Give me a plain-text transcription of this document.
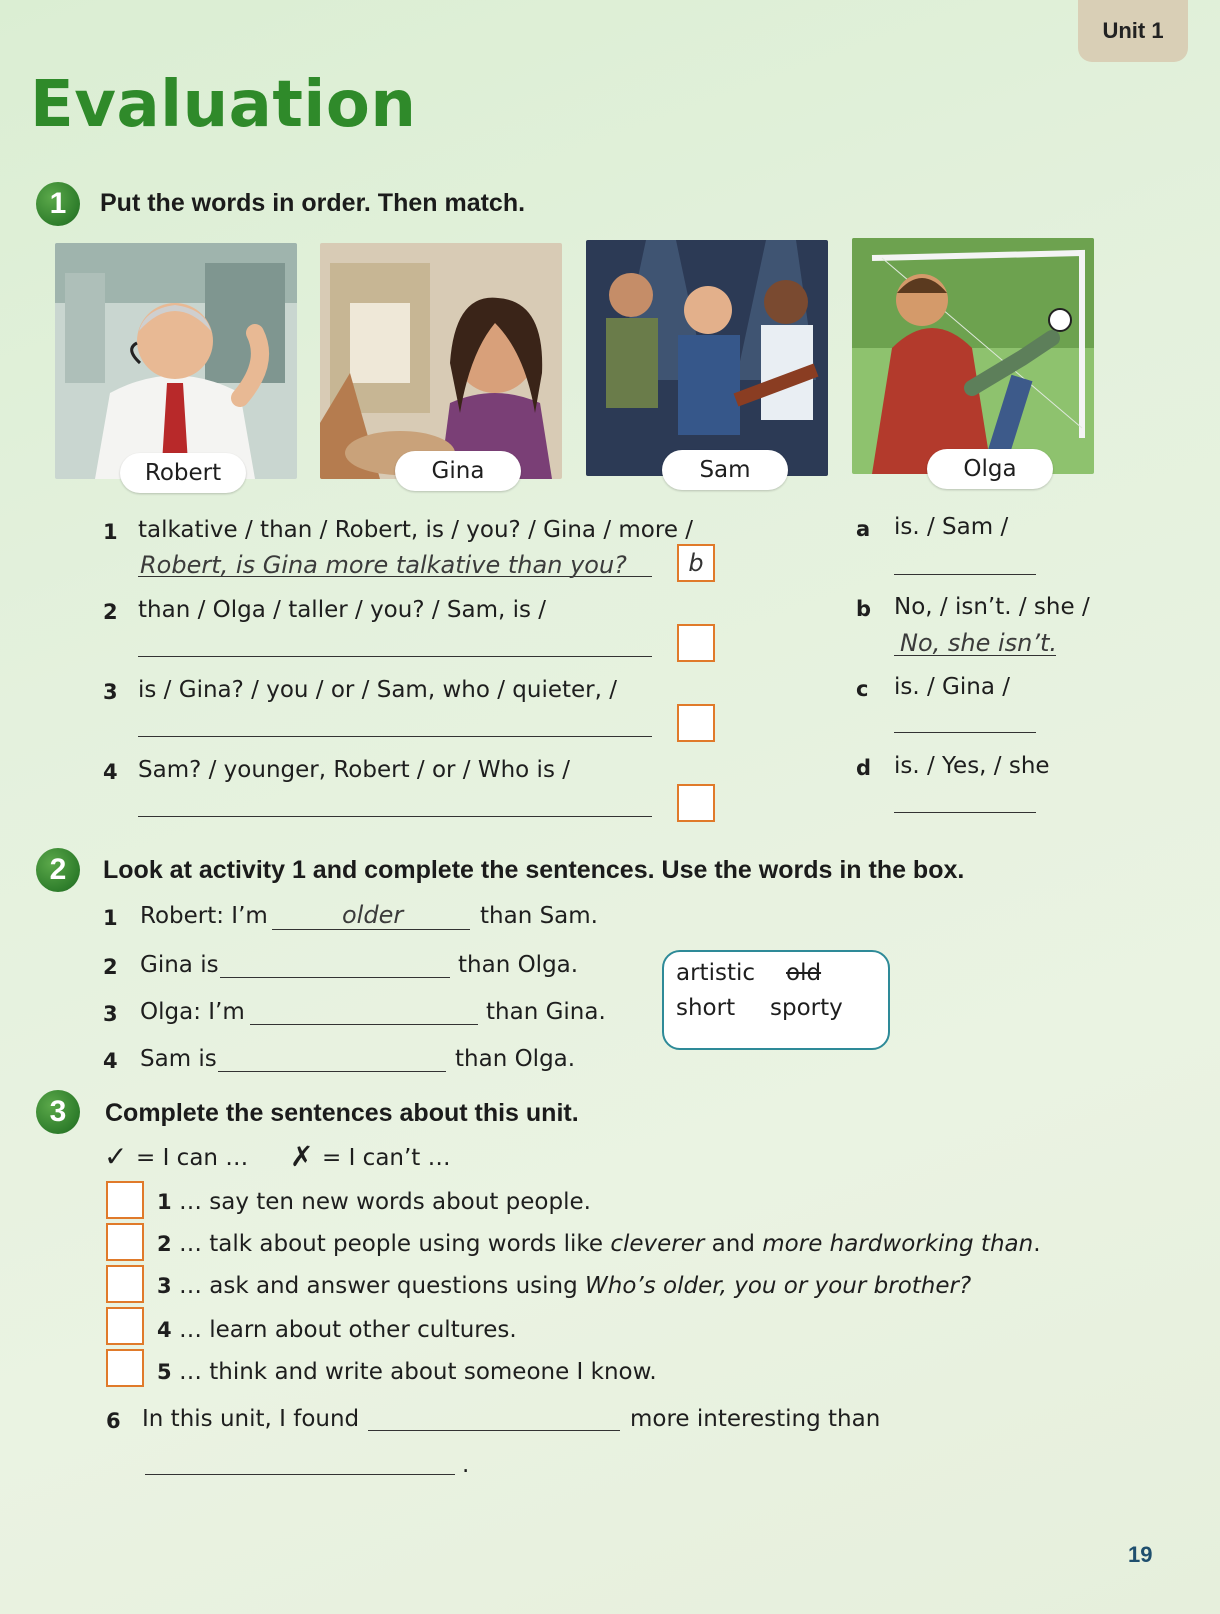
Unit 1
Evaluation
1	Put the words in order. Then match.
Robert	Gina	Sam	Olga
1 talkative / than / Robert, is / you? / Gina / more /
Robert, is Gina more talkative than you?	b
2 than / Olga / taller / you? / Sam, is /
3 is / Gina? / you / or / Sam, who / quieter, /
4 Sam? / younger, Robert / or / Who is /
a is. / Sam /
b No, / isn’t. / she /
No, she isn’t.
c is. / Gina /
d is. / Yes, / she
2	Look at activity 1 and complete the sentences. Use the words in the box.
1 Robert: I’m	older	than Sam.
2 Gina is	than Olga.
3 Olga: I’m	than Gina.
4 Sam is	than Olga.
artistic old
short sporty
3	Complete the sentences about this unit.
✓ = I can … ✗ = I can’t …
1 … say ten new words about people.
2 … talk about people using words like cleverer and more hardworking than.
3 … ask and answer questions using Who’s older, you or your brother?
4 … learn about other cultures.
5 … think and write about someone I know.
6 In this unit, I found	more interesting than
.
19
